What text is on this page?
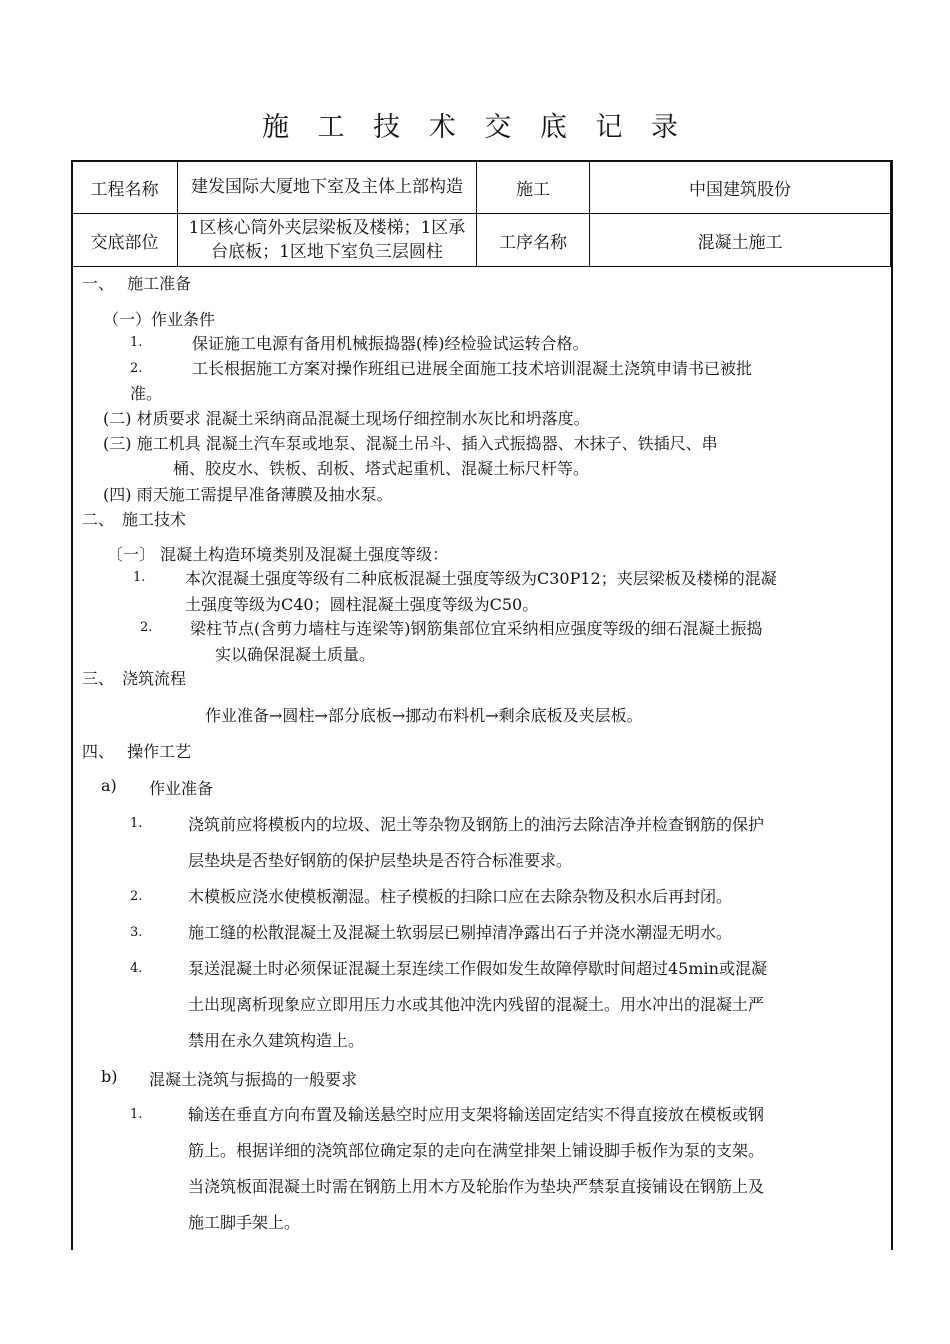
施 工 技 术 交 底 记 录
工程名称	建发国际大厦地下室及主体上部构造	施工	中国建筑股份
交底部位	1区核心筒外夹层梁板及楼梯；1区承台底板；1区地下室负三层圆柱	工序名称	混凝土施工
一、　 施工准备
（一）作业条件
1.	保证施工电源有备用机械振捣器(棒)经检验试运转合格。
2.	工长根据施工方案对操作班组已进展全面施工技术培训混凝土浇筑申请书已被批
准。
(二) 材质要求 混凝土采纳商品混凝土现场仔细控制水灰比和坍落度。
(三) 施工机具 混凝土汽车泵或地泵、混凝土吊斗、插入式振捣器、木抹子、铁插尺、串
桶、胶皮水、铁板、刮板、塔式起重机、混凝土标尺杆等。
(四) 雨天施工需提早准备薄膜及抽水泵。
二、　施工技术
〔一〕 混凝土构造环境类别及混凝土强度等级：
1. 本次混凝土强度等级有二种底板混凝土强度等级为C30P12；夹层梁板及楼梯的混凝
土强度等级为C40；圆柱混凝土强度等级为C50。
2. 梁柱节点(含剪力墙柱与连梁等)钢筋集部位宜采纳相应强度等级的细石混凝土振捣
实以确保混凝土质量。
三、　浇筑流程
作业准备→圆柱→部分底板→挪动布料机→剩余底板及夹层板。
四、　 操作工艺
a) 作业准备
1.	浇筑前应将模板内的垃圾、泥土等杂物及钢筋上的油污去除洁净并检查钢筋的保护
层垫块是否垫好钢筋的保护层垫块是否符合标准要求。
2.	木模板应浇水使模板潮湿。柱子模板的扫除口应在去除杂物及积水后再封闭。
3.	施工缝的松散混凝土及混凝土软弱层已剔掉清净露出石子并浇水潮湿无明水。
4.	泵送混凝土时必须保证混凝土泵连续工作假如发生故障停歇时间超过45min或混凝
土出现离析现象应立即用压力水或其他冲洗内残留的混凝土。用水冲出的混凝土严
禁用在永久建筑构造上。
b) 混凝土浇筑与振捣的一般要求
1.	输送在垂直方向布置及输送悬空时应用支架将输送固定结实不得直接放在模板或钢
筋上。根据详细的浇筑部位确定泵的走向在满堂排架上铺设脚手板作为泵的支架。
当浇筑板面混凝土时需在钢筋上用木方及轮胎作为垫块严禁泵直接铺设在钢筋上及
施工脚手架上。
